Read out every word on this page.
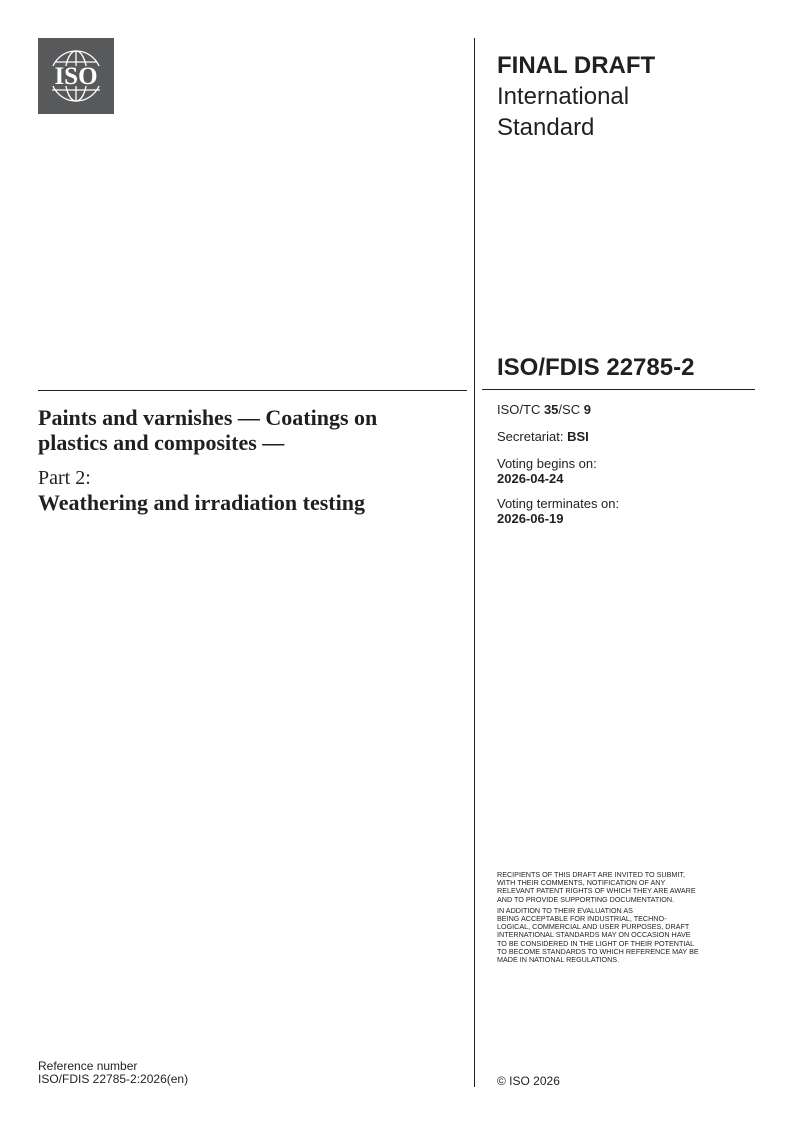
ISO	FINAL DRAFT
International
Standard
ISO/FDIS 22785-2

Paints and varnishes — Coatings on
plastics and composites —

Part 2:

Weathering and irradiation testing

ISO/TC 35/SC 9
Secretariat: BSI
Voting begins on:
2026-04-24
Voting terminates on:
2026-06-19

RECIPIENTS OF THIS DRAFT ARE INVITED TO SUBMIT,
WITH THEIR COMMENTS, NOTIFICATION OF ANY
RELEVANT PATENT RIGHTS OF WHICH THEY ARE AWARE
AND TO PROVIDE SUPPORTING DOCUMENTATION.

IN ADDITION TO THEIR EVALUATION AS
BEING ACCEPTABLE FOR INDUSTRIAL, TECHNO-
LOGICAL, COMMERCIAL AND USER PURPOSES, DRAFT
INTERNATIONAL STANDARDS MAY ON OCCASION HAVE
TO BE CONSIDERED IN THE LIGHT OF THEIR POTENTIAL
TO BECOME STANDARDS TO WHICH REFERENCE MAY BE
MADE IN NATIONAL REGULATIONS.

Reference number
ISO/FDIS 22785-2:2026(en)	© ISO 2026
